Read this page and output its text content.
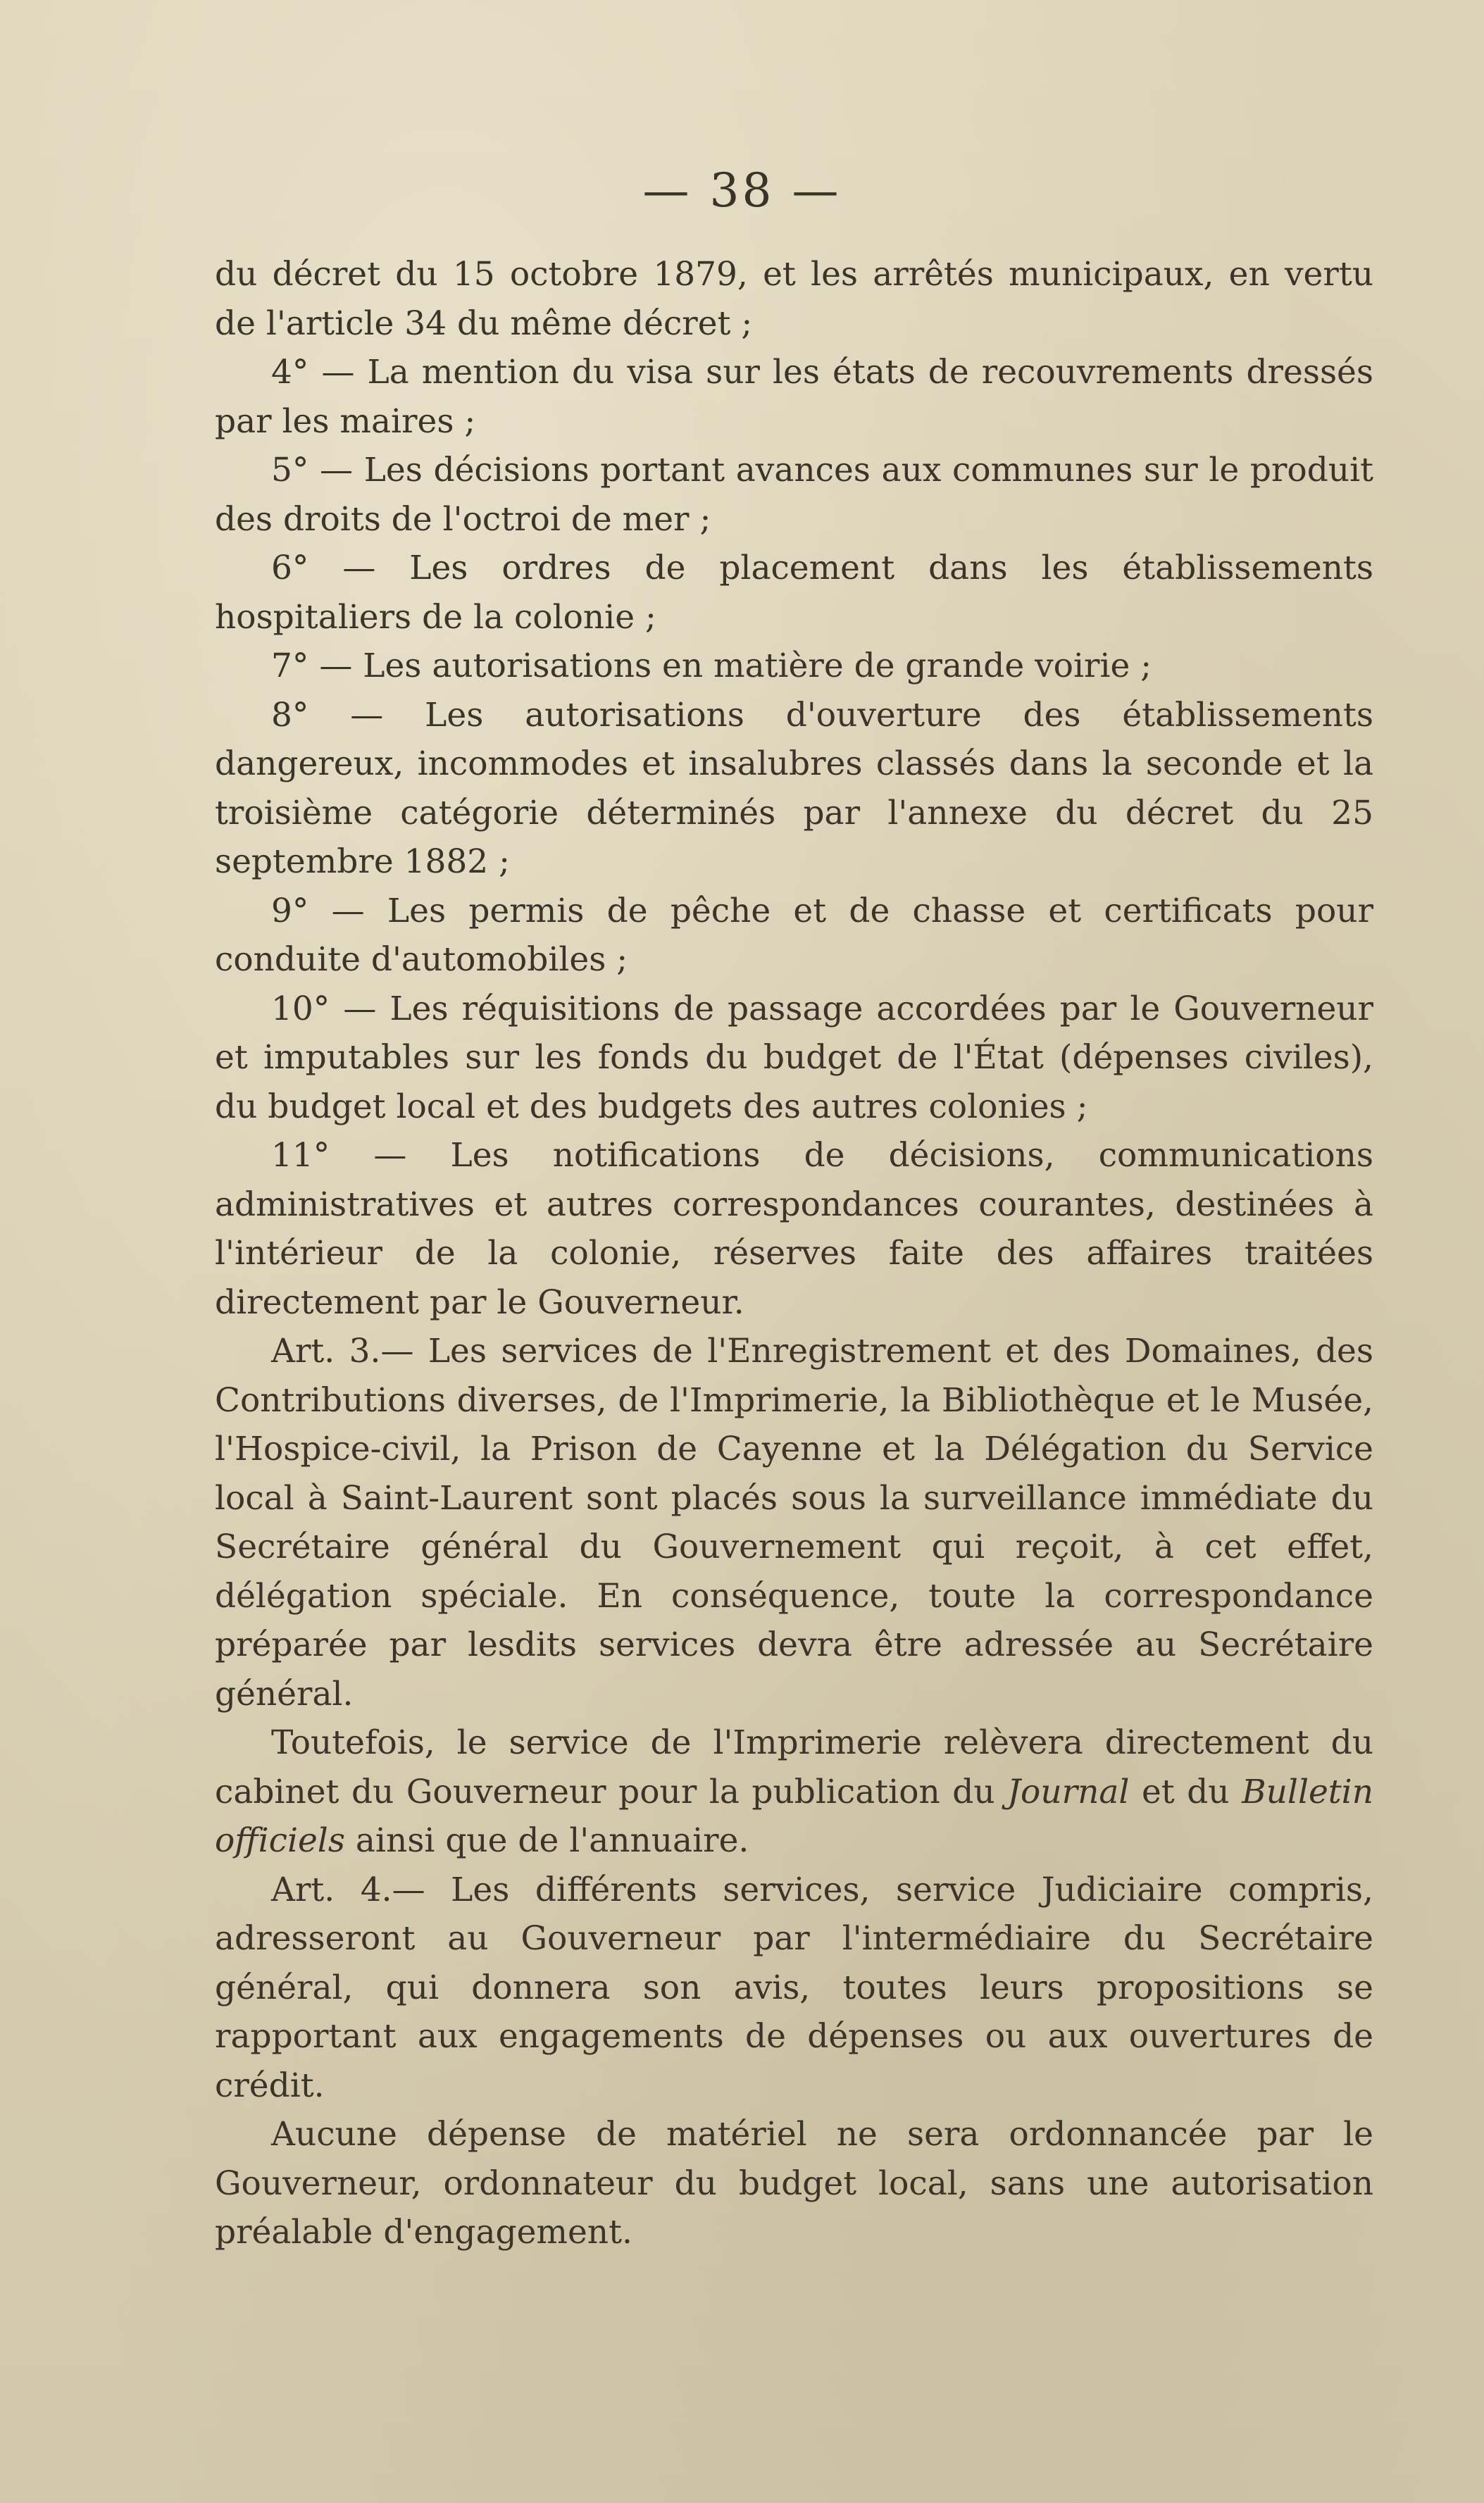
— 38 —

du décret du 15 octobre 1879, et les arrêtés municipaux, en vertu de l'article 34 du même décret ;

4° — La mention du visa sur les états de recouvrements dressés par les maires ;

5° — Les décisions portant avances aux communes sur le produit des droits de l'octroi de mer ;

6° — Les ordres de placement dans les établissements hospitaliers de la colonie ;

7° — Les autorisations en matière de grande voirie ;

8° — Les autorisations d'ouverture des établissements dangereux, incommodes et insalubres classés dans la seconde et la troisième catégorie déterminés par l'annexe du décret du 25 septembre 1882 ;

9° — Les permis de pêche et de chasse et certificats pour conduite d'automobiles ;

10° — Les réquisitions de passage accordées par le Gouverneur et imputables sur les fonds du budget de l'État (dépenses civiles), du budget local et des budgets des autres colonies ;

11° — Les notifications de décisions, communications administratives et autres correspondances courantes, destinées à l'intérieur de la colonie, réserves faite des affaires traitées directement par le Gouverneur.

Art. 3.— Les services de l'Enregistrement et des Domaines, des Contributions diverses, de l'Imprimerie, la Bibliothèque et le Musée, l'Hospice-civil, la Prison de Cayenne et la Délégation du Service local à Saint-Laurent sont placés sous la surveillance immédiate du Secrétaire général du Gouvernement qui reçoit, à cet effet, délégation spéciale. En conséquence, toute la correspondance préparée par lesdits services devra être adressée au Secrétaire général.

Toutefois, le service de l'Imprimerie relèvera directement du cabinet du Gouverneur pour la publication du Journal et du Bulletin officiels ainsi que de l'annuaire.

Art. 4.— Les différents services, service Judiciaire compris, adresseront au Gouverneur par l'intermédiaire du Secrétaire général, qui donnera son avis, toutes leurs propositions se rapportant aux engagements de dépenses ou aux ouvertures de crédit.

Aucune dépense de matériel ne sera ordonnancée par le Gouverneur, ordonnateur du budget local, sans une autorisation préalable d'engagement.
